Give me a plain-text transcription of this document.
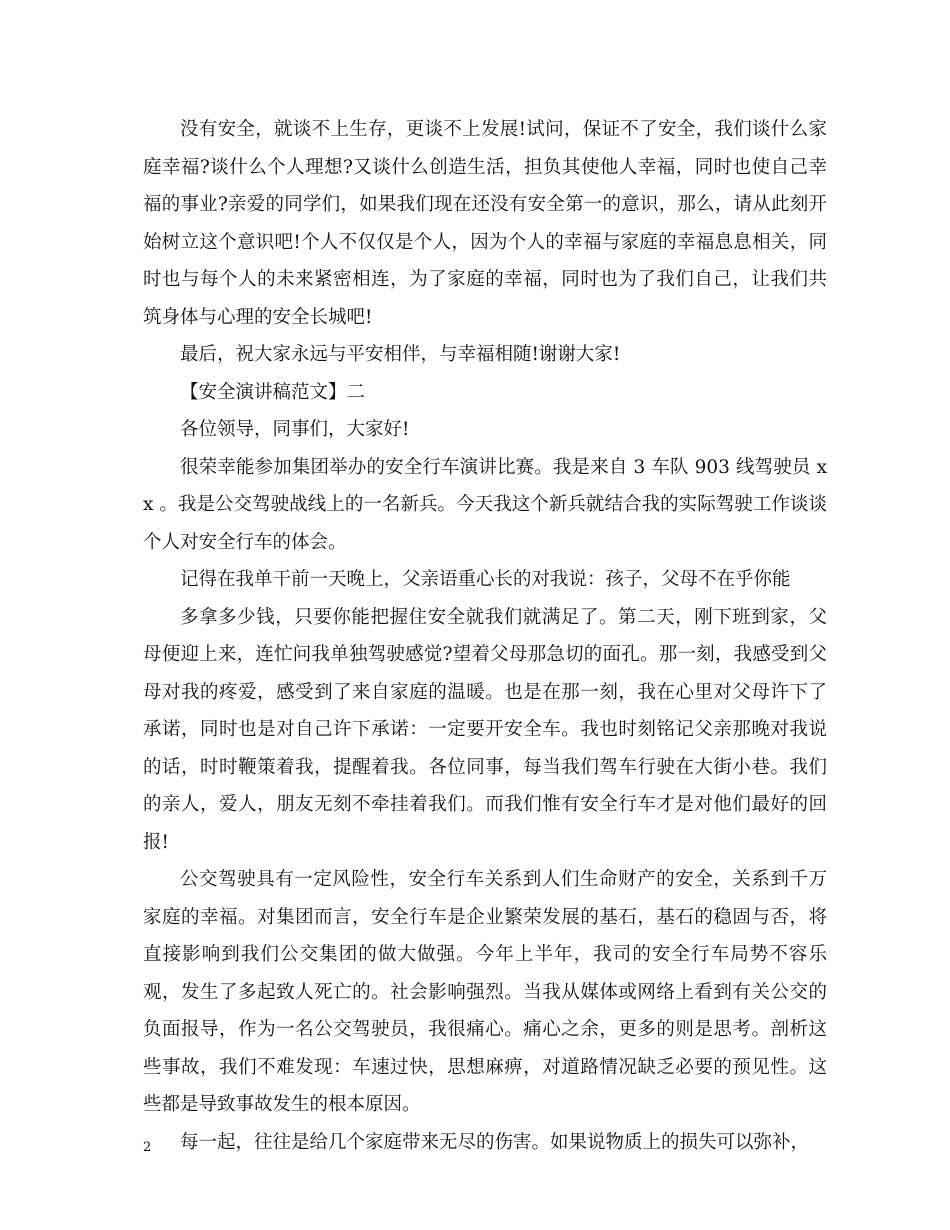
没有安全，就谈不上生存，更谈不上发展!试问，保证不了安全，我们谈什么家庭幸福?谈什么个人理想?又谈什么创造生活，担负其使他人幸福，同时也使自己幸福的事业?亲爱的同学们，如果我们现在还没有安全第一的意识，那么，请从此刻开始树立这个意识吧!个人不仅仅是个人，因为个人的幸福与家庭的幸福息息相关，同时也与每个人的未来紧密相连，为了家庭的幸福，同时也为了我们自己，让我们共筑身体与心理的安全长城吧!

最后，祝大家永远与平安相伴，与幸福相随!谢谢大家!

【安全演讲稿范文】二

各位领导，同事们，大家好!

很荣幸能参加集团举办的安全行车演讲比赛。我是来自 3 车队 903 线驾驶员 xx 。我是公交驾驶战线上的一名新兵。今天我这个新兵就结合我的实际驾驶工作谈谈个人对安全行车的体会。

记得在我单干前一天晚上，父亲语重心长的对我说：孩子，父母不在乎你能

多拿多少钱，只要你能把握住安全就我们就满足了。第二天，刚下班到家，父母便迎上来，连忙问我单独驾驶感觉?望着父母那急切的面孔。那一刻，我感受到父母对我的疼爱，感受到了来自家庭的温暖。也是在那一刻，我在心里对父母许下了承诺，同时也是对自己许下承诺：一定要开安全车。我也时刻铭记父亲那晚对我说的话，时时鞭策着我，提醒着我。各位同事，每当我们驾车行驶在大街小巷。我们的亲人，爱人，朋友无刻不牵挂着我们。而我们惟有安全行车才是对他们最好的回报!

公交驾驶具有一定风险性，安全行车关系到人们生命财产的安全，关系到千万家庭的幸福。对集团而言，安全行车是企业繁荣发展的基石，基石的稳固与否，将直接影响到我们公交集团的做大做强。今年上半年，我司的安全行车局势不容乐观，发生了多起致人死亡的。社会影响强烈。当我从媒体或网络上看到有关公交的负面报导，作为一名公交驾驶员，我很痛心。痛心之余，更多的则是思考。剖析这些事故，我们不难发现：车速过快，思想麻痹，对道路情况缺乏必要的预见性。这些都是导致事故发生的根本原因。

每一起，往往是给几个家庭带来无尽的伤害。如果说物质上的损失可以弥补，

2
